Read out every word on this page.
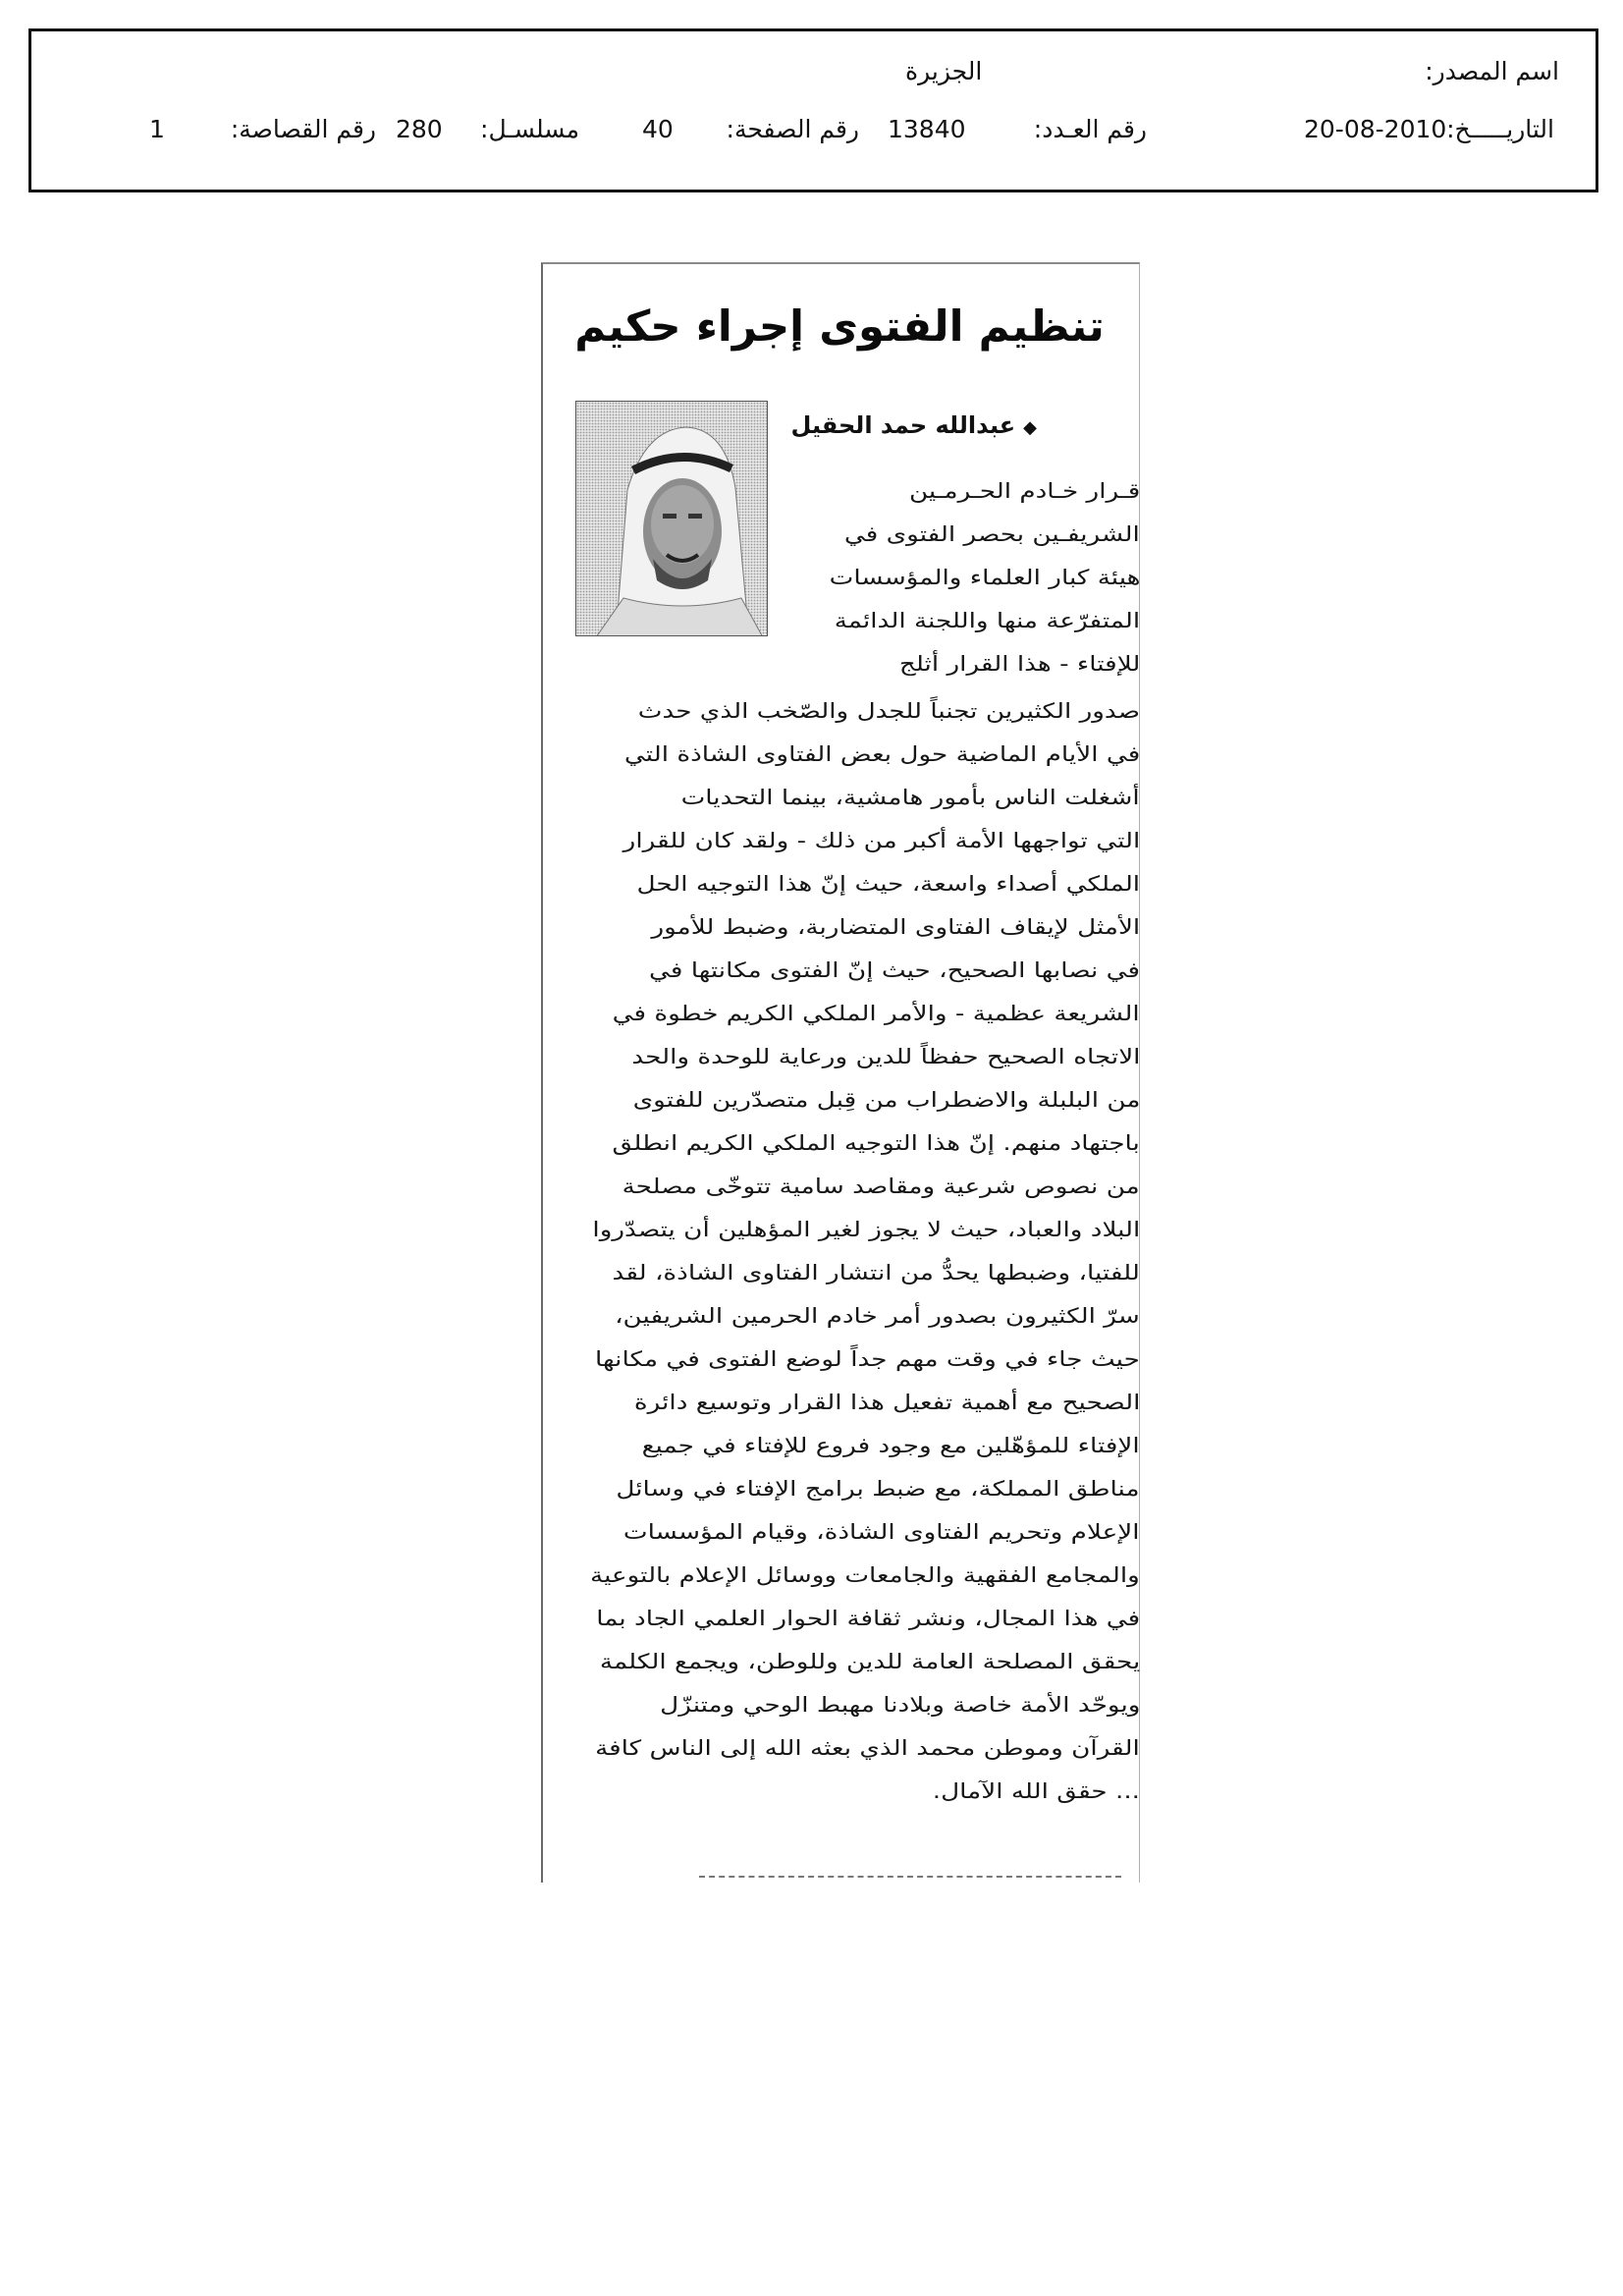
اسم المصدر:
الجزيرة
التاريـــــخ:
20-08-2010
رقم العـدد:
13840
رقم الصفحة:
40
مسلسـل:
280
رقم القصاصة:
1
تنظيم الفتوى إجراء حكيم
◆عبدالله حمد الحقيل
قـرار خـادم الحـرمـين
الشريفـين بحصر الفتوى في
هيئة كبار العلماء والمؤسسات
المتفرّعة منها واللجنة الدائمة
للإفتاء - هذا القرار أثلج
صدور الكثيرين تجنباً للجدل والصّخب الذي حدث
في الأيام الماضية حول بعض الفتاوى الشاذة التي
أشغلت الناس بأمور هامشية، بينما التحديات
التي تواجهها الأمة أكبر من ذلك - ولقد كان للقرار
الملكي أصداء واسعة، حيث إنّ هذا التوجيه الحل
الأمثل لإيقاف الفتاوى المتضاربة، وضبط للأمور
في نصابها الصحيح، حيث إنّ الفتوى مكانتها في
الشريعة عظمية - والأمر الملكي الكريم خطوة في
الاتجاه الصحيح حفظاً للدين ورعاية للوحدة والحد
من البلبلة والاضطراب من قِبل متصدّرين للفتوى
باجتهاد منهم. إنّ هذا التوجيه الملكي الكريم انطلق
من نصوص شرعية ومقاصد سامية تتوخّى مصلحة
البلاد والعباد، حيث لا يجوز لغير المؤهلين أن يتصدّروا
للفتيا، وضبطها يحدُّ من انتشار الفتاوى الشاذة، لقد
سرّ الكثيرون بصدور أمر خادم الحرمين الشريفين،
حيث جاء في وقت مهم جداً لوضع الفتوى في مكانها
الصحيح مع أهمية تفعيل هذا القرار وتوسيع دائرة
الإفتاء للمؤهّلين مع وجود فروع للإفتاء في جميع
مناطق المملكة، مع ضبط برامج الإفتاء في وسائل
الإعلام وتحريم الفتاوى الشاذة، وقيام المؤسسات
والمجامع الفقهية والجامعات ووسائل الإعلام بالتوعية
في هذا المجال، ونشر ثقافة الحوار العلمي الجاد بما
يحقق المصلحة العامة للدين وللوطن، ويجمع الكلمة
ويوحّد الأمة خاصة وبلادنا مهبط الوحي ومتنزّل
القرآن وموطن محمد الذي بعثه الله إلى الناس كافة
... حقق الله الآمال.
